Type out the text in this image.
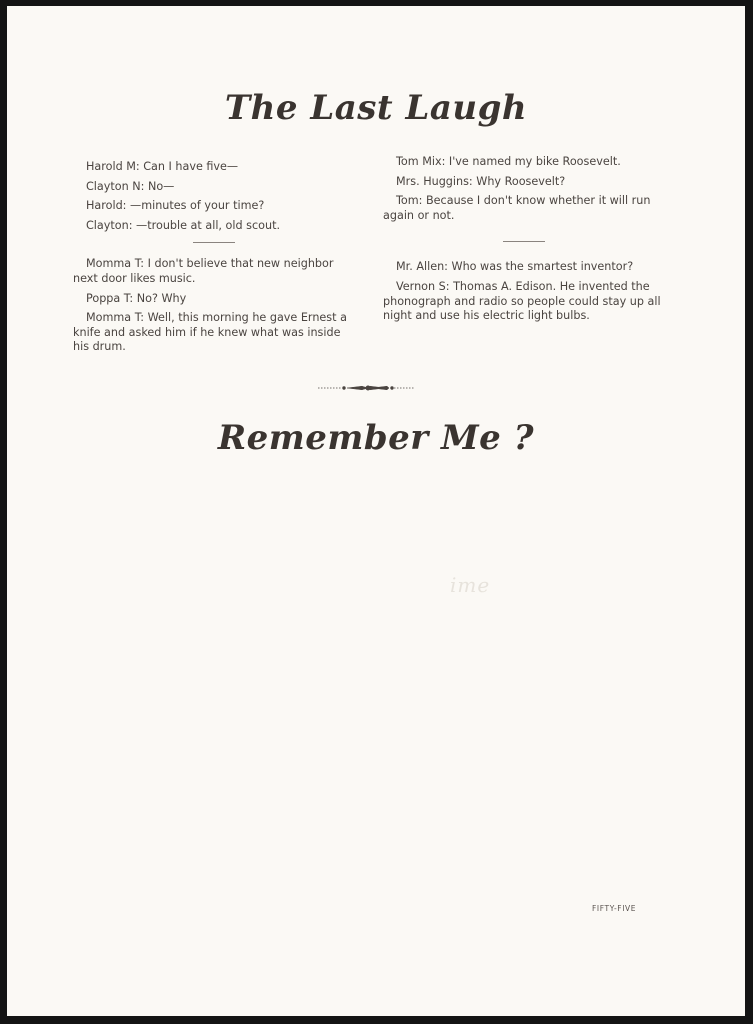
The Last Laugh

Harold M: Can I have five—

Clayton N: No—

Harold: —minutes of your time?

Clayton: —trouble at all, old scout.

Momma T: I don't believe that new neighbor next door likes music.

Poppa T: No? Why

Momma T: Well, this morning he gave Ernest a knife and asked him if he knew what was inside his drum.

Tom Mix: I've named my bike Roosevelt.

Mrs. Huggins: Why Roosevelt?

Tom: Because I don't know whether it will run again or not.

Mr. Allen: Who was the smartest inventor?

Vernon S: Thomas A. Edison. He invented the phonograph and radio so people could stay up all night and use his electric light bulbs.

Remember Me ?
ime
FIFTY-FIVE
